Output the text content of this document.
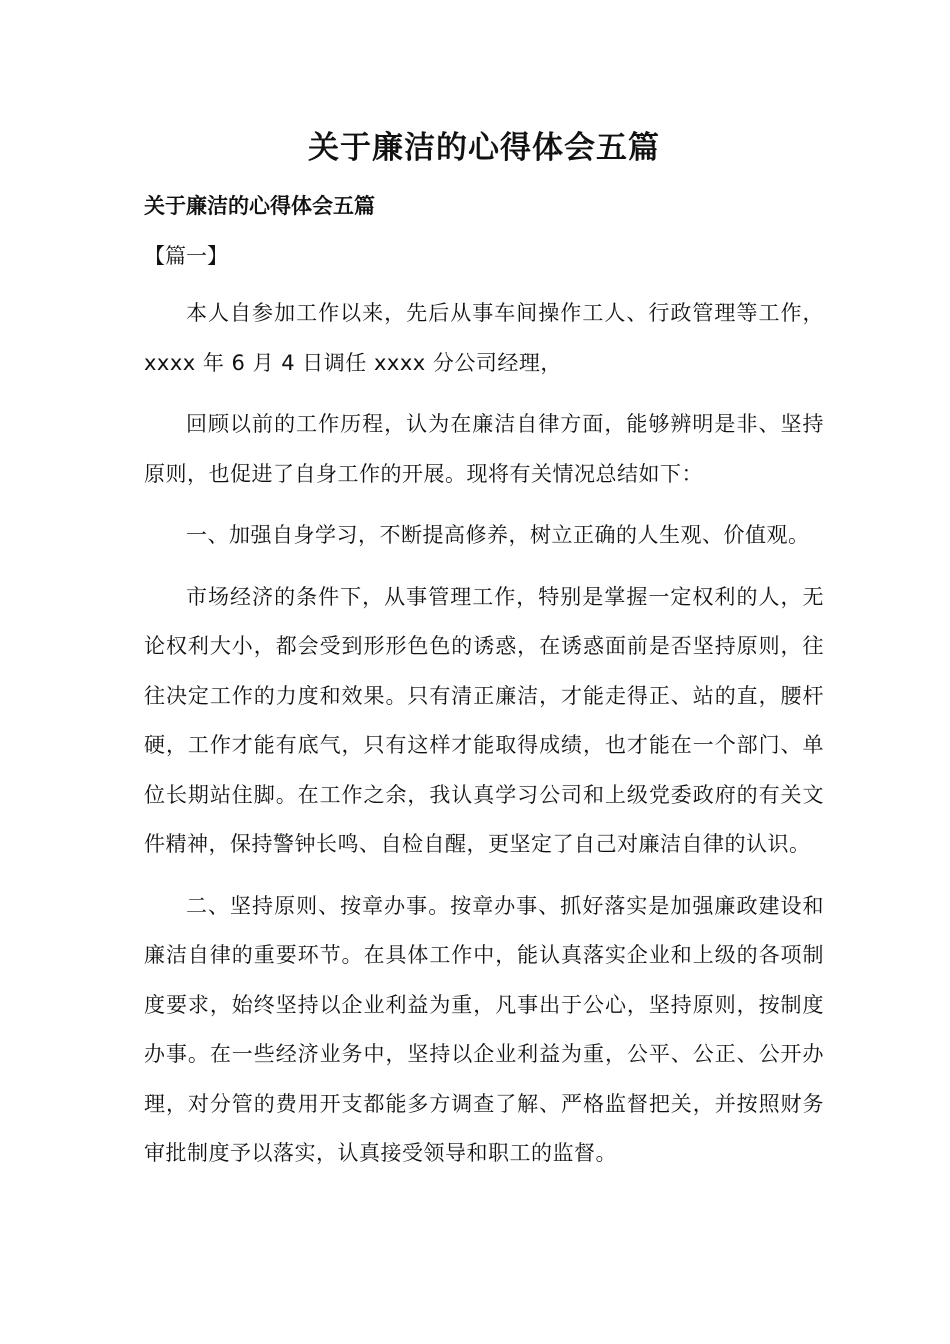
关于廉洁的心得体会五篇

关于廉洁的心得体会五篇

【篇一】

本人自参加工作以来，先后从事车间操作工人、行政管理等工作，xxxx 年 6 月 4 日调任 xxxx 分公司经理，

回顾以前的工作历程，认为在廉洁自律方面，能够辨明是非、坚持原则，也促进了自身工作的开展。现将有关情况总结如下：

一、加强自身学习，不断提高修养，树立正确的人生观、价值观。

市场经济的条件下，从事管理工作，特别是掌握一定权利的人，无论权利大小，都会受到形形色色的诱惑，在诱惑面前是否坚持原则，往往决定工作的力度和效果。只有清正廉洁，才能走得正、站的直，腰杆硬，工作才能有底气，只有这样才能取得成绩，也才能在一个部门、单位长期站住脚。在工作之余，我认真学习公司和上级党委政府的有关文件精神，保持警钟长鸣、自检自醒，更坚定了自己对廉洁自律的认识。

二、坚持原则、按章办事。按章办事、抓好落实是加强廉政建设和廉洁自律的重要环节。在具体工作中，能认真落实企业和上级的各项制度要求，始终坚持以企业利益为重，凡事出于公心，坚持原则，按制度办事。在一些经济业务中，坚持以企业利益为重，公平、公正、公开办理，对分管的费用开支都能多方调查了解、严格监督把关，并按照财务审批制度予以落实，认真接受领导和职工的监督。
